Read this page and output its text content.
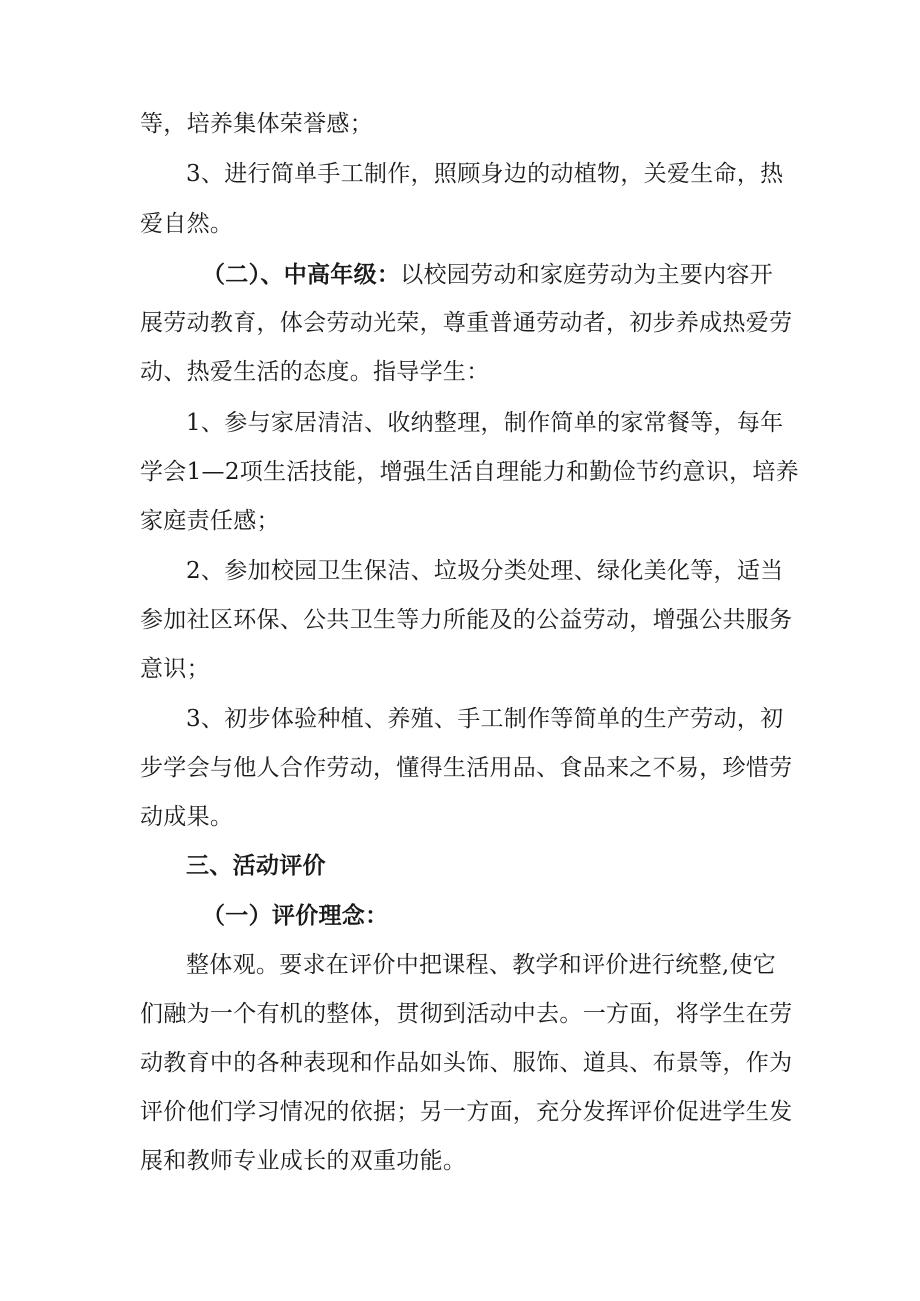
等，培养集体荣誉感；
3、进行简单手工制作，照顾身边的动植物，关爱生命，热
爱自然。
（二）、中高年级：以校园劳动和家庭劳动为主要内容开
展劳动教育，体会劳动光荣，尊重普通劳动者，初步养成热爱劳
动、热爱生活的态度。指导学生：
1、参与家居清洁、收纳整理，制作简单的家常餐等，每年
学会1—2项生活技能，增强生活自理能力和勤俭节约意识，培养
家庭责任感；
2、参加校园卫生保洁、垃圾分类处理、绿化美化等，适当
参加社区环保、公共卫生等力所能及的公益劳动，增强公共服务
意识；
3、初步体验种植、养殖、手工制作等简单的生产劳动，初
步学会与他人合作劳动，懂得生活用品、食品来之不易，珍惜劳
动成果。
三、活动评价
（一）评价理念：
整体观。要求在评价中把课程、教学和评价进行统整,使它
们融为一个有机的整体，贯彻到活动中去。一方面，将学生在劳
动教育中的各种表现和作品如头饰、服饰、道具、布景等，作为
评价他们学习情况的依据；另一方面，充分发挥评价促进学生发
展和教师专业成长的双重功能。
